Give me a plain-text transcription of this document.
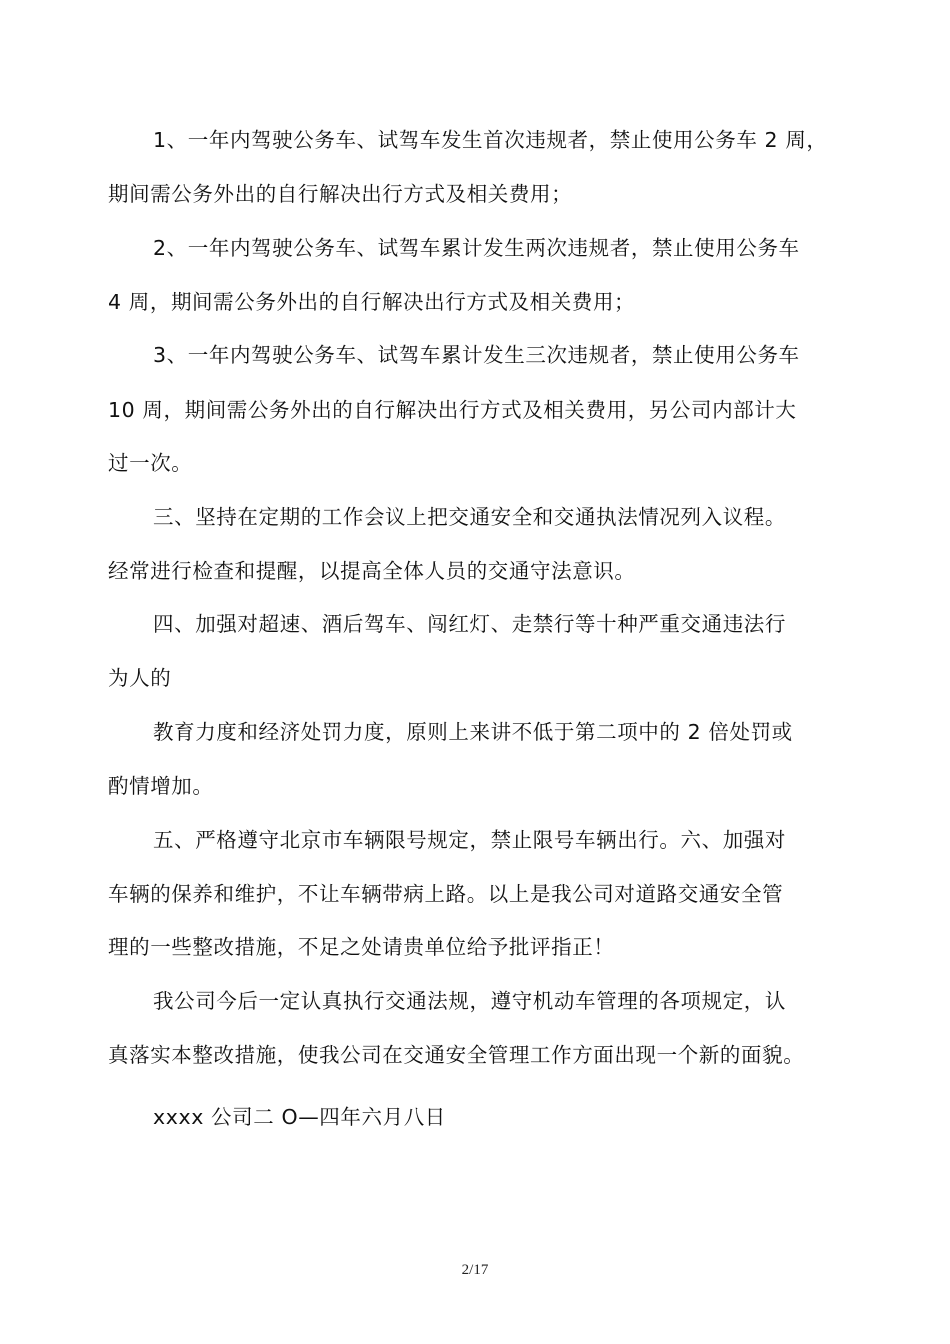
1、一年内驾驶公务车、试驾车发生首次违规者，禁止使用公务车 2 周，
期间需公务外出的自行解决出行方式及相关费用；
2、一年内驾驶公务车、试驾车累计发生两次违规者，禁止使用公务车
4 周，期间需公务外出的自行解决出行方式及相关费用；
3、一年内驾驶公务车、试驾车累计发生三次违规者，禁止使用公务车
10 周，期间需公务外出的自行解决出行方式及相关费用，另公司内部计大
过一次。
三、坚持在定期的工作会议上把交通安全和交通执法情况列入议程。
经常进行检查和提醒，以提高全体人员的交通守法意识。
四、加强对超速、酒后驾车、闯红灯、走禁行等十种严重交通违法行
为人的
教育力度和经济处罚力度，原则上来讲不低于第二项中的 2 倍处罚或
酌情增加。
五、严格遵守北京市车辆限号规定，禁止限号车辆出行。六、加强对
车辆的保养和维护，不让车辆带病上路。以上是我公司对道路交通安全管
理的一些整改措施，不足之处请贵单位给予批评指正！
我公司今后一定认真执行交通法规，遵守机动车管理的各项规定，认
真落实本整改措施，使我公司在交通安全管理工作方面出现一个新的面貌。
xxxx 公司二 O—四年六月八日
2/17
